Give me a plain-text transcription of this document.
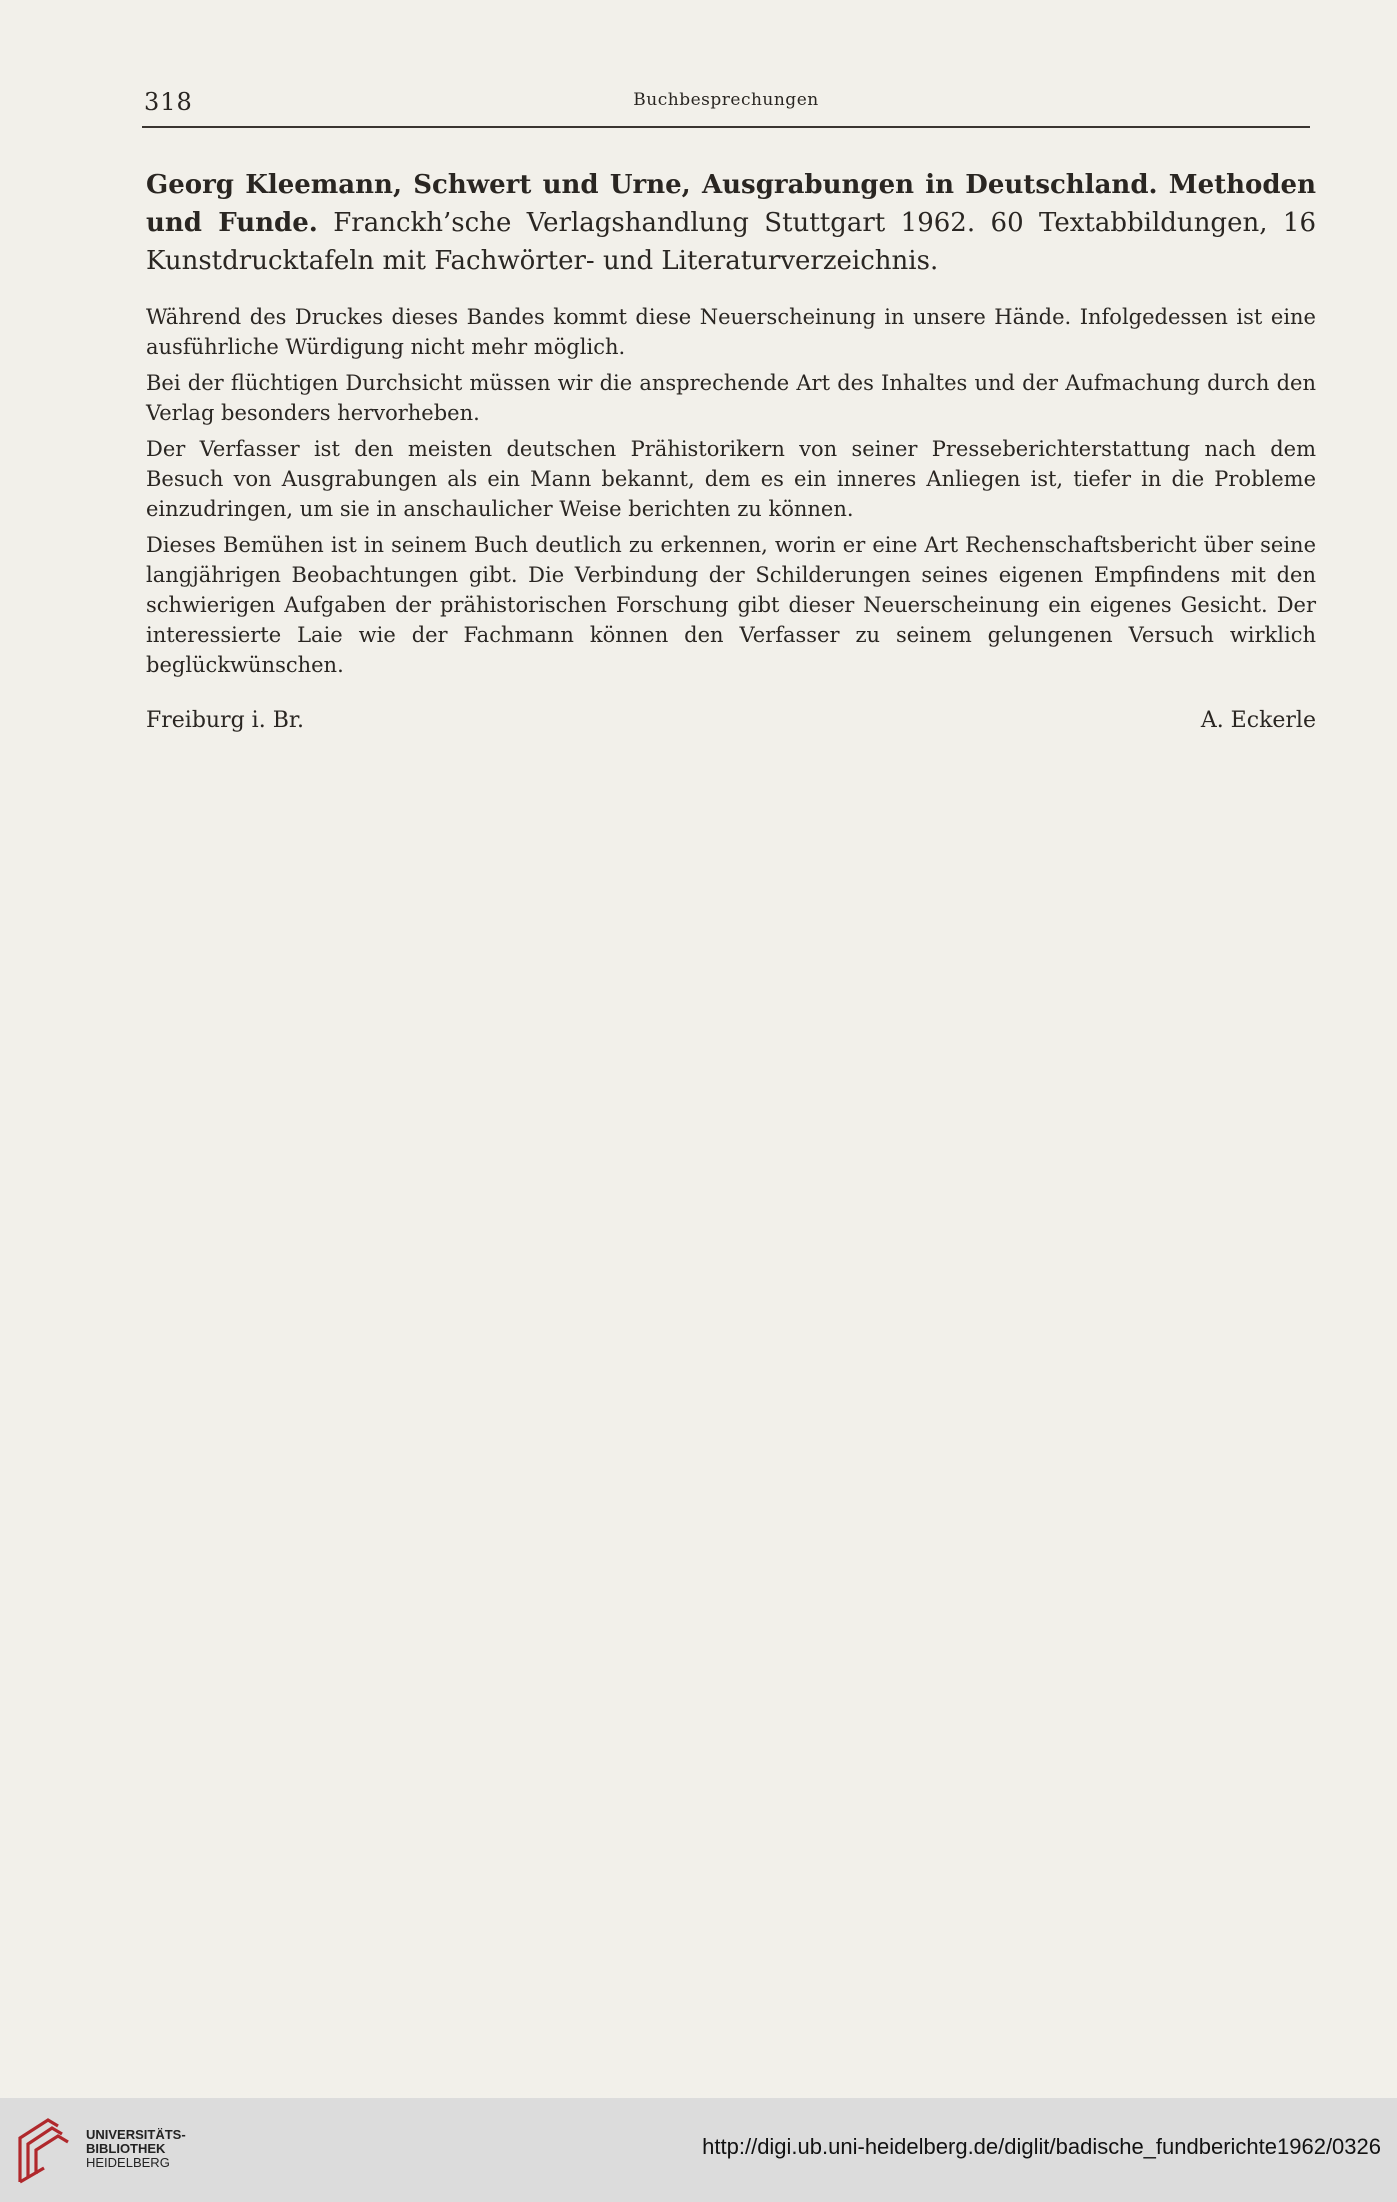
318	Buchbesprechungen

Georg Kleemann, Schwert und Urne, Ausgrabungen in Deutschland. Methoden und Funde. Franckh’sche Verlagshandlung Stuttgart 1962. 60 Textabbildungen, 16 Kunstdrucktafeln mit Fachwörter- und Literaturverzeichnis.

Während des Druckes dieses Bandes kommt diese Neuerscheinung in unsere Hände. Infolgedessen ist eine ausführliche Würdigung nicht mehr möglich.

Bei der flüchtigen Durchsicht müssen wir die ansprechende Art des Inhaltes und der Aufmachung durch den Verlag besonders hervorheben.

Der Verfasser ist den meisten deutschen Prähistorikern von seiner Presseberichterstattung nach dem Besuch von Ausgrabungen als ein Mann bekannt, dem es ein inneres Anliegen ist, tiefer in die Probleme einzudringen, um sie in anschaulicher Weise berichten zu können.

Dieses Bemühen ist in seinem Buch deutlich zu erkennen, worin er eine Art Rechenschaftsbericht über seine langjährigen Beobachtungen gibt. Die Verbindung der Schilderungen seines eigenen Empfindens mit den schwierigen Aufgaben der prähistorischen Forschung gibt dieser Neuerscheinung ein eigenes Gesicht. Der interessierte Laie wie der Fachmann können den Verfasser zu seinem gelungenen Versuch wirklich beglückwünschen.

Freiburg i. Br.	A. Eckerle
UNIVERSITÄTS-
BIBLIOTHEK
HEIDELBERG
http://digi.ub.uni-heidelberg.de/diglit/badische_fundberichte1962/0326
